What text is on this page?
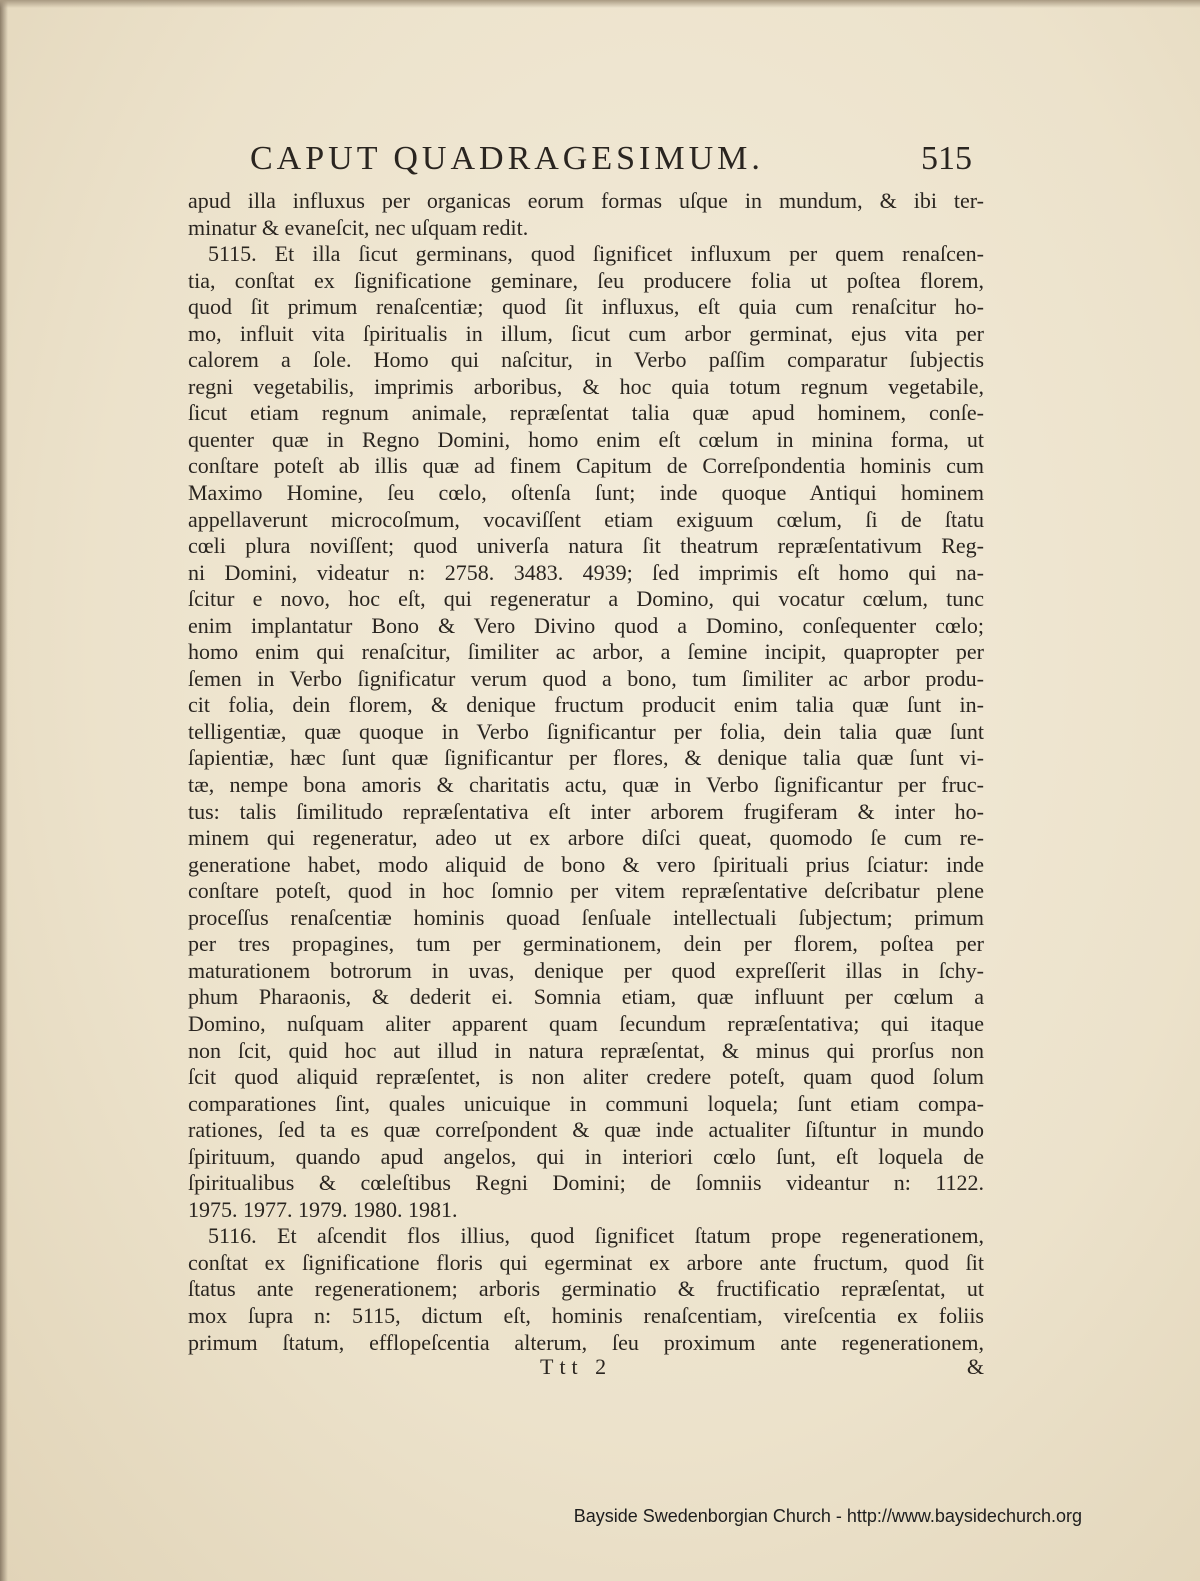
CAPUT QUADRAGESIMUM.	515
apud illa influxus per organicas eorum formas uſque in mundum, & ibi ter-
minatur & evaneſcit, nec uſquam redit.
5115. Et illa ſicut germinans, quod ſignificet influxum per quem renaſcen-
tia, conſtat ex ſignificatione geminare, ſeu producere folia ut poſtea florem,
quod ſit primum renaſcentiæ; quod ſit influxus, eſt quia cum renaſcitur ho-
mo, influit vita ſpiritualis in illum, ſicut cum arbor germinat, ejus vita per
calorem a ſole. Homo qui naſcitur, in Verbo paſſim comparatur ſubjectis
regni vegetabilis, imprimis arboribus, & hoc quia totum regnum vegetabile,
ſicut etiam regnum animale, repræſentat talia quæ apud hominem, conſe-
quenter quæ in Regno Domini, homo enim eſt cœlum in minina forma, ut
conſtare poteſt ab illis quæ ad finem Capitum de Correſpondentia hominis cum
Maximo Homine, ſeu cœlo, oſtenſa ſunt; inde quoque Antiqui hominem
appellaverunt microcoſmum, vocaviſſent etiam exiguum cœlum, ſi de ſtatu
cœli plura noviſſent; quod univerſa natura ſit theatrum repræſentativum Reg-
ni Domini, videatur n: 2758. 3483. 4939; ſed imprimis eſt homo qui na-
ſcitur e novo, hoc eſt, qui regeneratur a Domino, qui vocatur cœlum, tunc
enim implantatur Bono & Vero Divino quod a Domino, conſequenter cœlo;
homo enim qui renaſcitur, ſimiliter ac arbor, a ſemine incipit, quapropter per
ſemen in Verbo ſignificatur verum quod a bono, tum ſimiliter ac arbor produ-
cit folia, dein florem, & denique fructum producit enim talia quæ ſunt in-
telligentiæ, quæ quoque in Verbo ſignificantur per folia, dein talia quæ ſunt
ſapientiæ, hæc ſunt quæ ſignificantur per flores, & denique talia quæ ſunt vi-
tæ, nempe bona amoris & charitatis actu, quæ in Verbo ſignificantur per fruc-
tus: talis ſimilitudo repræſentativa eſt inter arborem frugiferam & inter ho-
minem qui regeneratur, adeo ut ex arbore diſci queat, quomodo ſe cum re-
generatione habet, modo aliquid de bono & vero ſpirituali prius ſciatur: inde
conſtare poteſt, quod in hoc ſomnio per vitem repræſentative deſcribatur plene
proceſſus renaſcentiæ hominis quoad ſenſuale intellectuali ſubjectum; primum
per tres propagines, tum per germinationem, dein per florem, poſtea per
maturationem botrorum in uvas, denique per quod expreſſerit illas in ſchy-
phum Pharaonis, & dederit ei. Somnia etiam, quæ influunt per cœlum a
Domino, nuſquam aliter apparent quam ſecundum repræſentativa; qui itaque
non ſcit, quid hoc aut illud in natura repræſentat, & minus qui prorſus non
ſcit quod aliquid repræſentet, is non aliter credere poteſt, quam quod ſolum
comparationes ſint, quales unicuique in communi loquela; ſunt etiam compa-
rationes, ſed ta es quæ correſpondent & quæ inde actualiter ſiſtuntur in mundo
ſpirituum, quando apud angelos, qui in interiori cœlo ſunt, eſt loquela de
ſpiritualibus & cœleſtibus Regni Domini; de ſomniis videantur n: 1122.
1975. 1977. 1979. 1980. 1981.
5116. Et aſcendit flos illius, quod ſignificet ſtatum prope regenerationem,
conſtat ex ſignificatione floris qui egerminat ex arbore ante fructum, quod ſit
ſtatus ante regenerationem; arboris germinatio & fructificatio repræſentat, ut
mox ſupra n: 5115, dictum eſt, hominis renaſcentiam, vireſcentia ex foliis
primum ſtatum, efflореſcentia alterum, ſeu proximum ante regenerationem,
Ttt 2	&
Bayside Swedenborgian Church - http://www.baysidechurch.org
